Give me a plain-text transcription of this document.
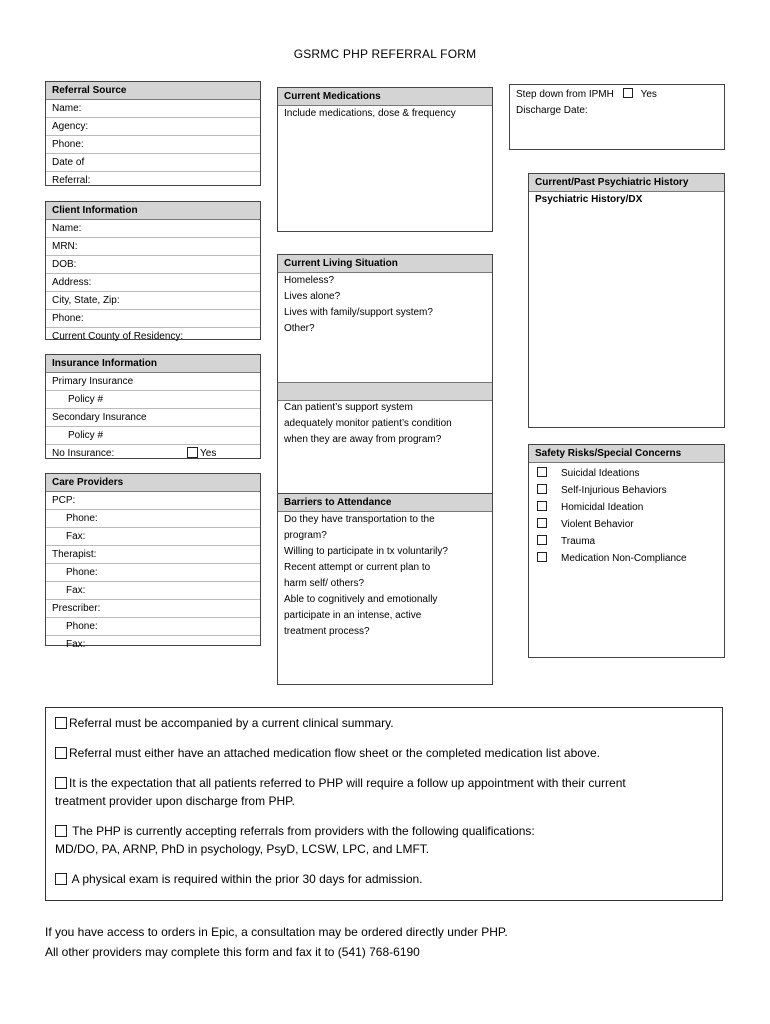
GSRMC PHP REFERRAL FORM
Referral Source
Name:
Agency:
Phone:
Date of
Referral:
Client Information
Name:
MRN:
DOB:
Address:
City, State, Zip:
Phone:
Current County of Residency:
Insurance Information
Primary Insurance
Policy #
Secondary Insurance
Policy #
No Insurance:	Yes
Care Providers
PCP:
Phone:
Fax:
Therapist:
Phone:
Fax:
Prescriber:
Phone:
Fax:
Current Medications
Include medications, dose & frequency
Current Living Situation
Homeless?
Lives alone?
Lives with family/support system?
Other?
Can patient’s support system
adequately monitor patient’s condition
when they are away from program?
Barriers to Attendance
Do they have transportation to the
program?
Willing to participate in tx voluntarily?
Recent attempt or current plan to
harm self/ others?
Able to cognitively and emotionally
participate in an intense, active
treatment process?
Step down from IPMH	Yes
Discharge Date:
Current/Past Psychiatric History
Psychiatric History/DX
Safety Risks/Special Concerns
Suicidal Ideations
Self-Injurious Behaviors
Homicidal Ideation
Violent Behavior
Trauma
Medication Non-Compliance

Referral must be accompanied by a current clinical summary.

Referral must either have an attached medication flow sheet or the completed medication list above.

It is the expectation that all patients referred to PHP will require a follow up appointment with their current
treatment provider upon discharge from PHP.

The PHP is currently accepting referrals from providers with the following qualifications:
MD/DO, PA, ARNP, PhD in psychology, PsyD, LCSW, LPC, and LMFT.

A physical exam is required within the prior 30 days for admission.

If you have access to orders in Epic, a consultation may be ordered directly under PHP.
All other providers may complete this form and fax it to (541) 768-6190
